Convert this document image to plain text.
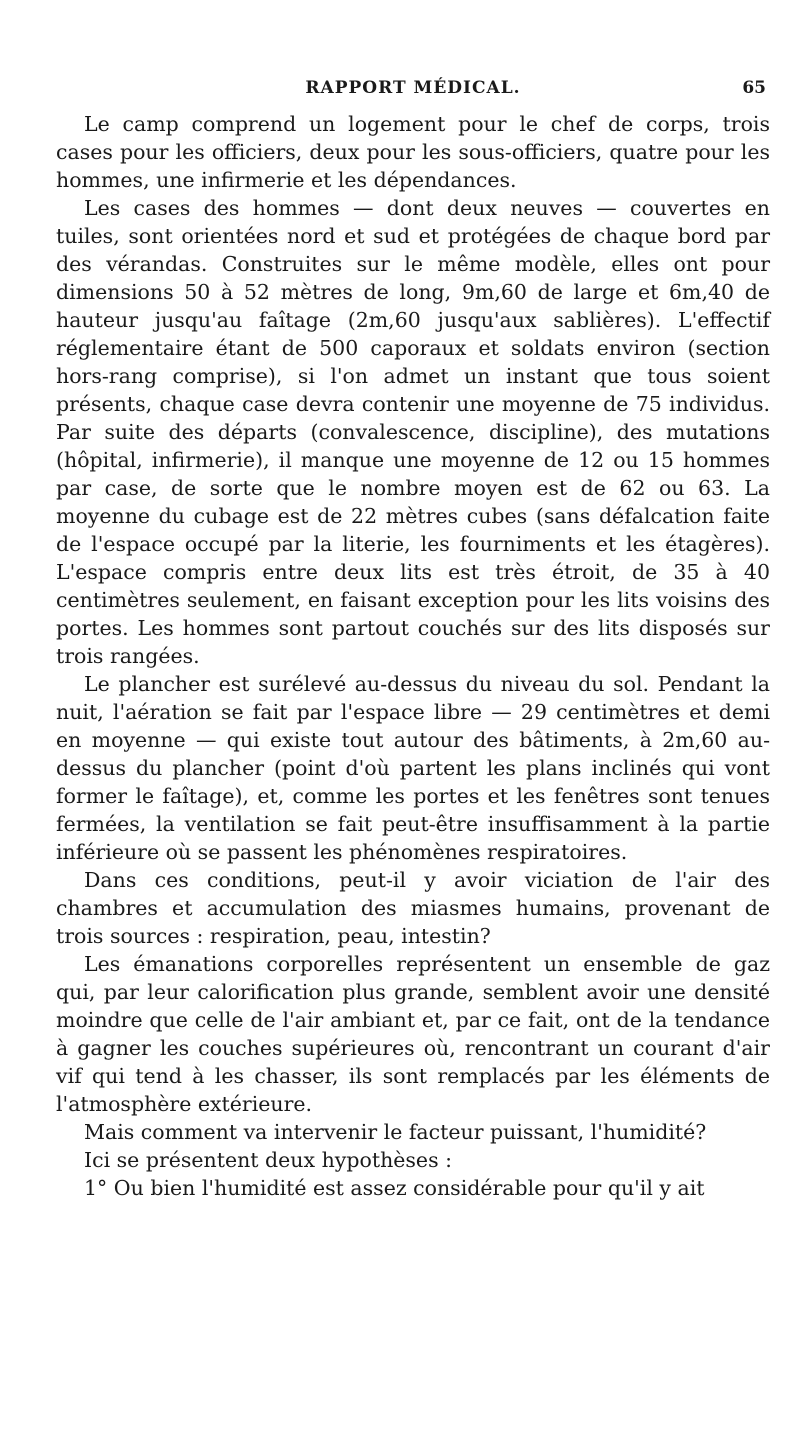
RAPPORT MÉDICAL.	65

Le camp comprend un logement pour le chef de corps, trois cases pour les officiers, deux pour les sous-officiers, quatre pour les hommes, une infirmerie et les dépendances.

Les cases des hommes — dont deux neuves — couvertes en tuiles, sont orientées nord et sud et protégées de chaque bord par des vérandas. Construites sur le même modèle, elles ont pour dimensions 50 à 52 mètres de long, 9m,60 de large et 6m,40 de hauteur jusqu'au faîtage (2m,60 jusqu'aux sablières). L'effectif réglementaire étant de 500 caporaux et soldats environ (section hors-rang comprise), si l'on admet un instant que tous soient présents, chaque case devra contenir une moyenne de 75 individus. Par suite des départs (convalescence, discipline), des mutations (hôpital, infirmerie), il manque une moyenne de 12 ou 15 hommes par case, de sorte que le nombre moyen est de 62 ou 63. La moyenne du cubage est de 22 mètres cubes (sans défalcation faite de l'espace occupé par la literie, les fourniments et les étagères). L'espace compris entre deux lits est très étroit, de 35 à 40 centimètres seulement, en faisant exception pour les lits voisins des portes. Les hommes sont partout couchés sur des lits disposés sur trois rangées.

Le plancher est surélevé au-dessus du niveau du sol. Pendant la nuit, l'aération se fait par l'espace libre — 29 centimètres et demi en moyenne — qui existe tout autour des bâtiments, à 2m,60 au-dessus du plancher (point d'où partent les plans inclinés qui vont former le faîtage), et, comme les portes et les fenêtres sont tenues fermées, la ventilation se fait peut-être insuffisamment à la partie inférieure où se passent les phénomènes respiratoires.

Dans ces conditions, peut-il y avoir viciation de l'air des chambres et accumulation des miasmes humains, provenant de trois sources : respiration, peau, intestin?

Les émanations corporelles représentent un ensemble de gaz qui, par leur calorification plus grande, semblent avoir une densité moindre que celle de l'air ambiant et, par ce fait, ont de la tendance à gagner les couches supérieures où, rencontrant un courant d'air vif qui tend à les chasser, ils sont remplacés par les éléments de l'atmosphère extérieure.

Mais comment va intervenir le facteur puissant, l'humidité?

Ici se présentent deux hypothèses :

1° Ou bien l'humidité est assez considérable pour qu'il y ait
